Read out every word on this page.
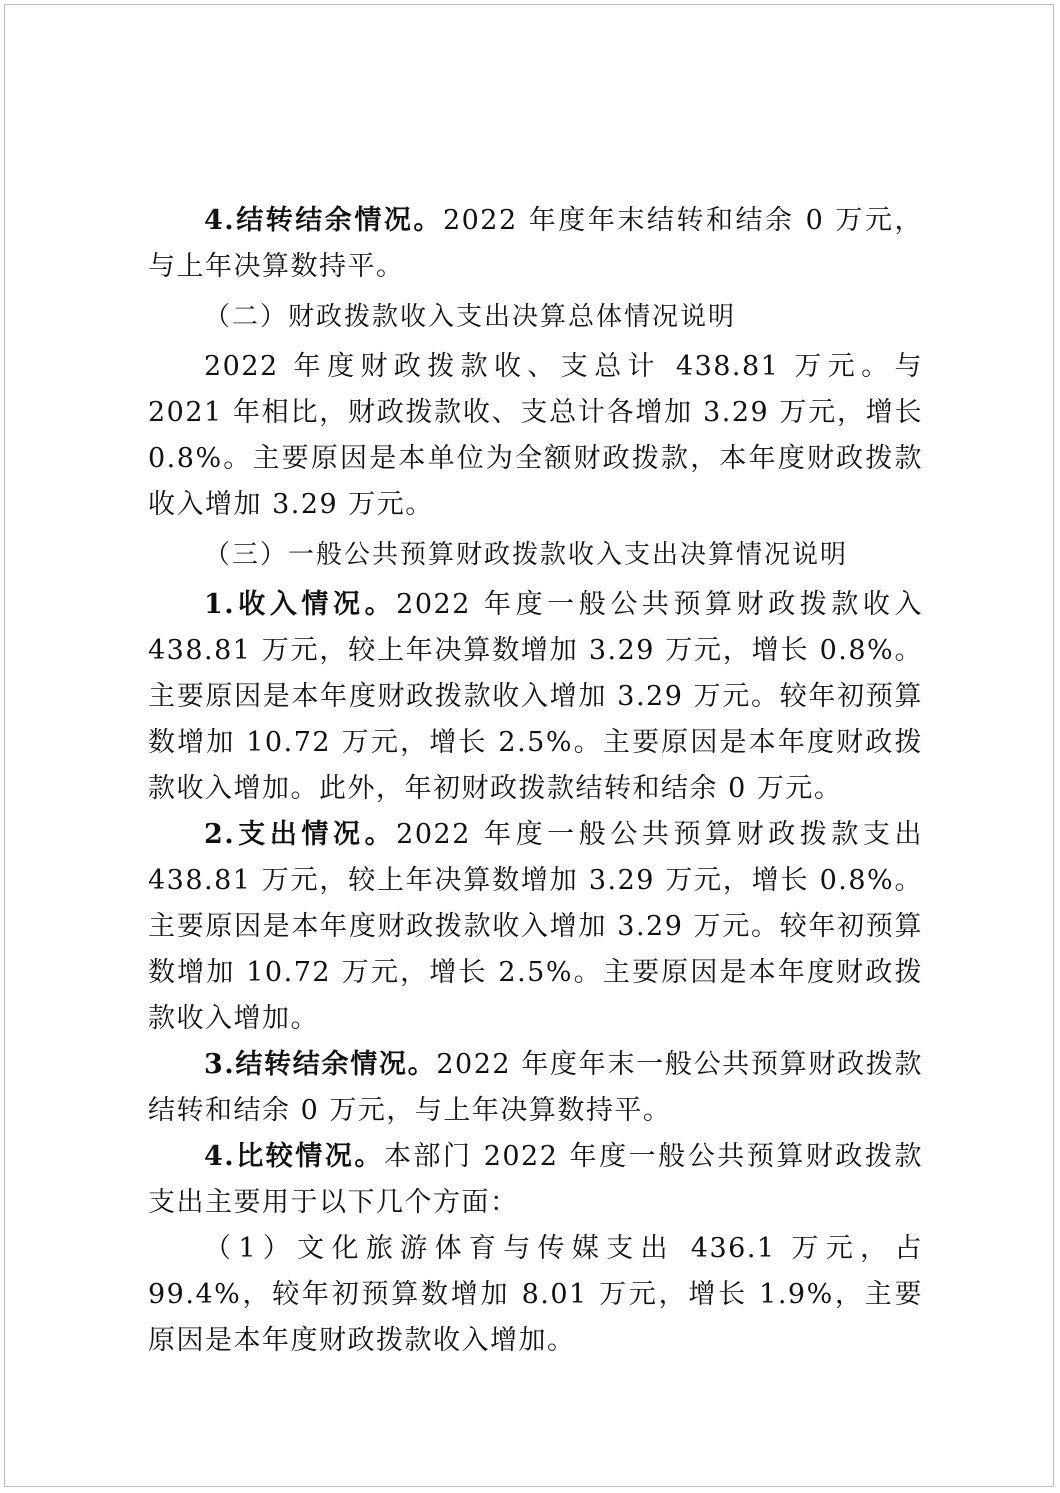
4.结转结余情况。2022 年度年末结转和结余 0 万元，与上年决算数持平。

（二）财政拨款收入支出决算总体情况说明

2022 年度财政拨款收、支总计 438.81 万元。与 2021 年相比，财政拨款收、支总计各增加 3.29 万元，增长 0.8%。主要原因是本单位为全额财政拨款，本年度财政拨款收入增加 3.29 万元。

（三）一般公共预算财政拨款收入支出决算情况说明

1.收入情况。2022 年度一般公共预算财政拨款收入 438.81 万元，较上年决算数增加 3.29 万元，增长 0.8%。主要原因是本年度财政拨款收入增加 3.29 万元。较年初预算数增加 10.72 万元，增长 2.5%。主要原因是本年度财政拨款收入增加。此外，年初财政拨款结转和结余 0 万元。

2.支出情况。2022 年度一般公共预算财政拨款支出 438.81 万元，较上年决算数增加 3.29 万元，增长 0.8%。主要原因是本年度财政拨款收入增加 3.29 万元。较年初预算数增加 10.72 万元，增长 2.5%。主要原因是本年度财政拨款收入增加。

3.结转结余情况。2022 年度年末一般公共预算财政拨款结转和结余 0 万元，与上年决算数持平。

4.比较情况。本部门 2022 年度一般公共预算财政拨款支出主要用于以下几个方面：

（1）文化旅游体育与传媒支出 436.1 万元，占 99.4%，较年初预算数增加 8.01 万元，增长 1.9%，主要原因是本年度财政拨款收入增加。
